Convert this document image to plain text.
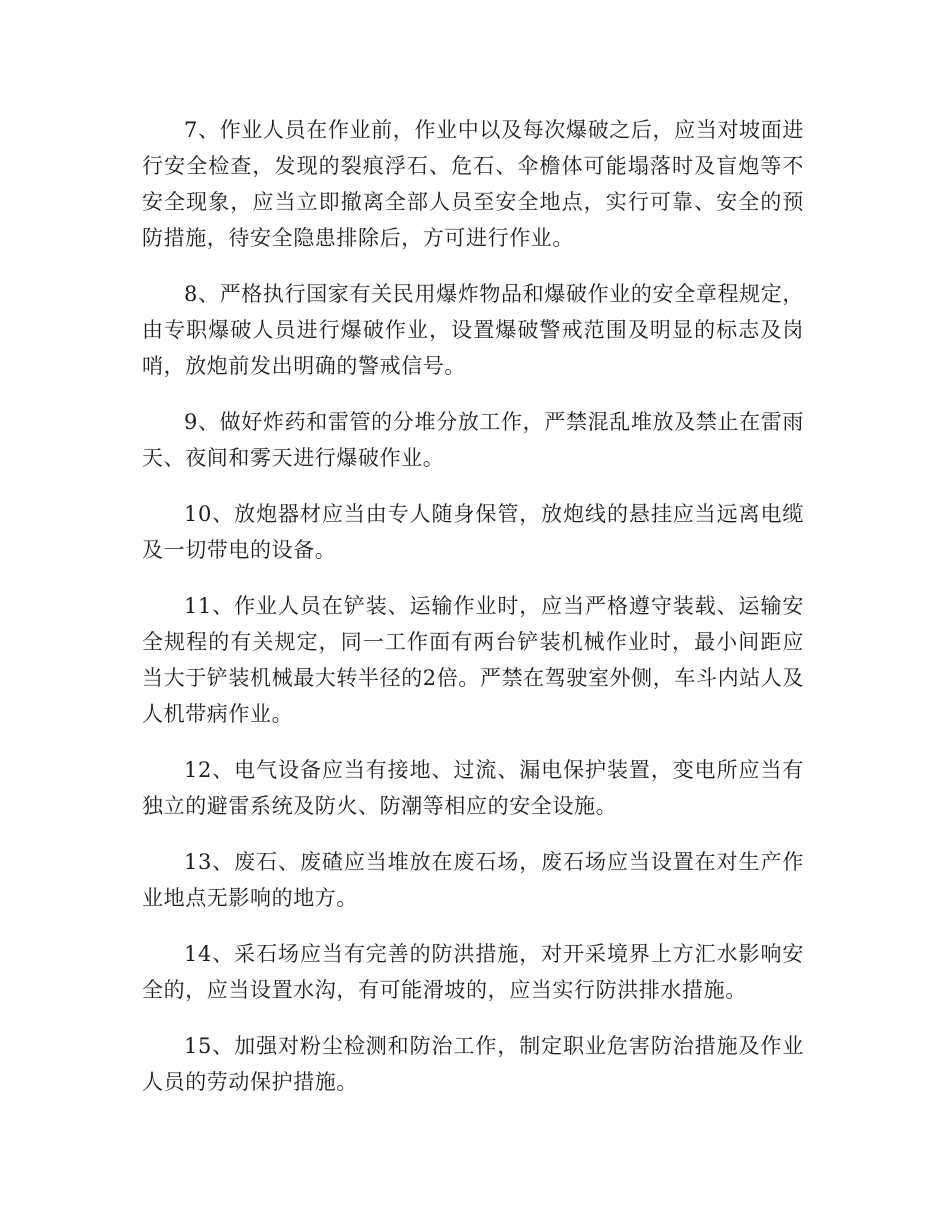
7、作业人员在作业前，作业中以及每次爆破之后，应当对坡面进行安全检查，发现的裂痕浮石、危石、伞檐体可能塌落时及盲炮等不安全现象，应当立即撤离全部人员至安全地点，实行可靠、安全的预防措施，待安全隐患排除后，方可进行作业。

8、严格执行国家有关民用爆炸物品和爆破作业的安全章程规定，由专职爆破人员进行爆破作业，设置爆破警戒范围及明显的标志及岗哨，放炮前发出明确的警戒信号。

9、做好炸药和雷管的分堆分放工作，严禁混乱堆放及禁止在雷雨天、夜间和雾天进行爆破作业。

10、放炮器材应当由专人随身保管，放炮线的悬挂应当远离电缆及一切带电的设备。

11、作业人员在铲装、运输作业时，应当严格遵守装载、运输安全规程的有关规定，同一工作面有两台铲装机械作业时，最小间距应当大于铲装机械最大转半径的2倍。严禁在驾驶室外侧，车斗内站人及人机带病作业。

12、电气设备应当有接地、过流、漏电保护装置，变电所应当有独立的避雷系统及防火、防潮等相应的安全设施。

13、废石、废碴应当堆放在废石场，废石场应当设置在对生产作业地点无影响的地方。

14、采石场应当有完善的防洪措施，对开采境界上方汇水影响安全的，应当设置水沟，有可能滑坡的，应当实行防洪排水措施。

15、加强对粉尘检测和防治工作，制定职业危害防治措施及作业人员的劳动保护措施。
